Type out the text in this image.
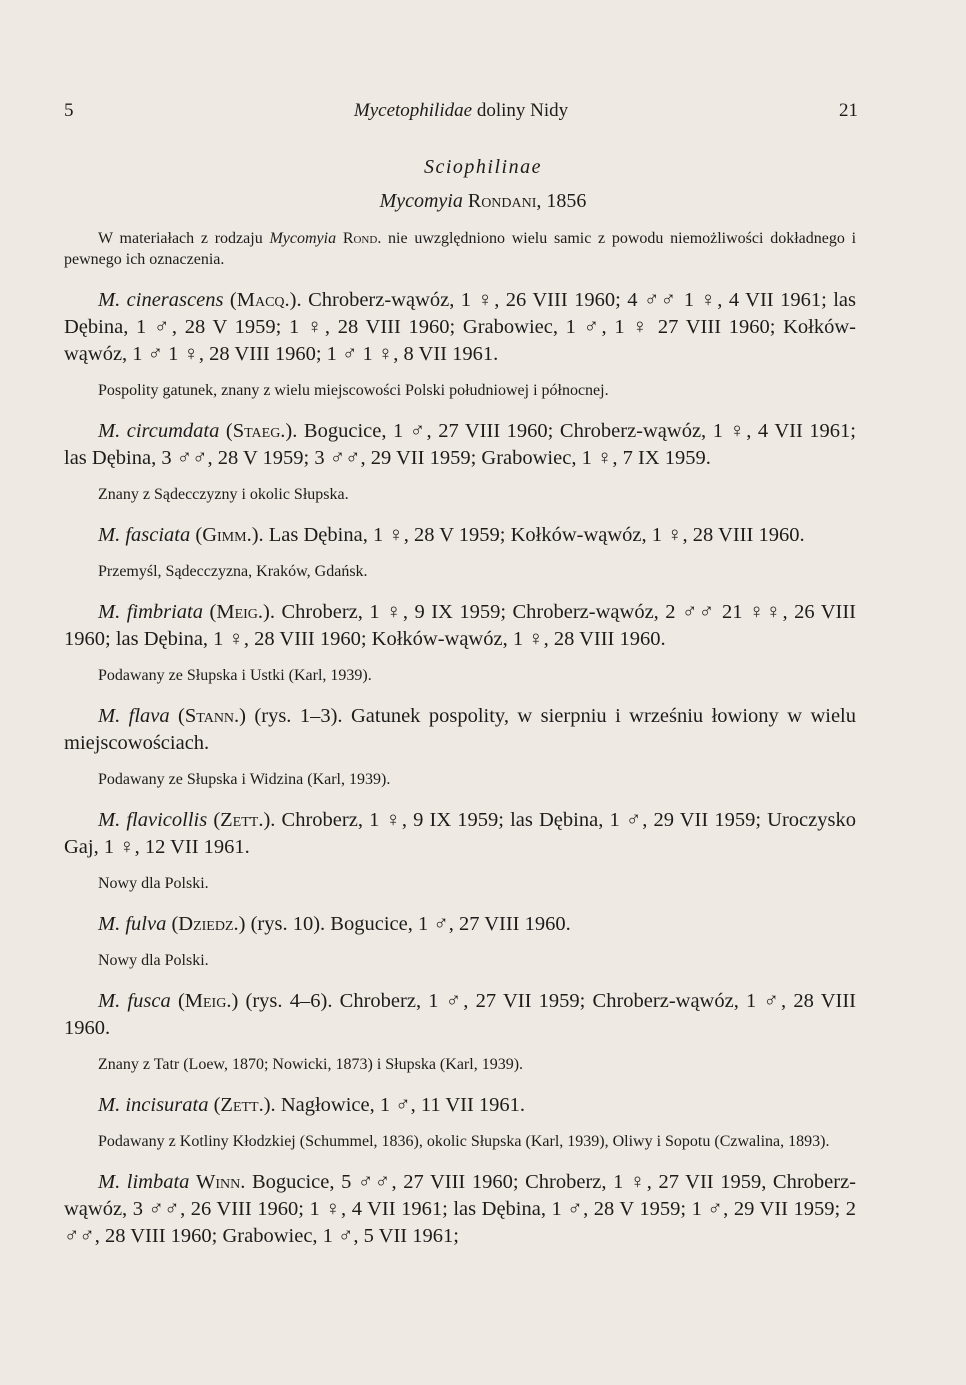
5	Mycetophilidae doliny Nidy	21
Sciophilinae
Mycomyia Rondani, 1856

W materiałach z rodzaju Mycomyia Rond. nie uwzględniono wielu samic z powodu niemożliwości dokładnego i pewnego ich oznaczenia.

M. cinerascens (Macq.). Chroberz-wąwóz, 1 ♀, 26 VIII 1960; 4 ♂♂ 1 ♀, 4 VII 1961; las Dębina, 1 ♂, 28 V 1959; 1 ♀, 28 VIII 1960; Grabowiec, 1 ♂, 1 ♀ 27 VIII 1960; Kołków-wąwóz, 1 ♂ 1 ♀, 28 VIII 1960; 1 ♂ 1 ♀, 8 VII 1961.

Pospolity gatunek, znany z wielu miejscowości Polski południowej i północnej.

M. circumdata (Staeg.). Bogucice, 1 ♂, 27 VIII 1960; Chroberz-wąwóz, 1 ♀, 4 VII 1961; las Dębina, 3 ♂♂, 28 V 1959; 3 ♂♂, 29 VII 1959; Grabowiec, 1 ♀, 7 IX 1959.

Znany z Sądecczyzny i okolic Słupska.

M. fasciata (Gimm.). Las Dębina, 1 ♀, 28 V 1959; Kołków-wąwóz, 1 ♀, 28 VIII 1960.

Przemyśl, Sądecczyzna, Kraków, Gdańsk.

M. fimbriata (Meig.). Chroberz, 1 ♀, 9 IX 1959; Chroberz-wąwóz, 2 ♂♂ 21 ♀♀, 26 VIII 1960; las Dębina, 1 ♀, 28 VIII 1960; Kołków-wąwóz, 1 ♀, 28 VIII 1960.

Podawany ze Słupska i Ustki (Karl, 1939).

M. flava (Stann.) (rys. 1–3). Gatunek pospolity, w sierpniu i wrześniu łowiony w wielu miejscowościach.

Podawany ze Słupska i Widzina (Karl, 1939).

M. flavicollis (Zett.). Chroberz, 1 ♀, 9 IX 1959; las Dębina, 1 ♂, 29 VII 1959; Uroczysko Gaj, 1 ♀, 12 VII 1961.

Nowy dla Polski.

M. fulva (Dziedz.) (rys. 10). Bogucice, 1 ♂, 27 VIII 1960.

Nowy dla Polski.

M. fusca (Meig.) (rys. 4–6). Chroberz, 1 ♂, 27 VII 1959; Chroberz-wąwóz, 1 ♂, 28 VIII 1960.

Znany z Tatr (Loew, 1870; Nowicki, 1873) i Słupska (Karl, 1939).

M. incisurata (Zett.). Nagłowice, 1 ♂, 11 VII 1961.

Podawany z Kotliny Kłodzkiej (Schummel, 1836), okolic Słupska (Karl, 1939), Oliwy i Sopotu (Czwalina, 1893).

M. limbata Winn. Bogucice, 5 ♂♂, 27 VIII 1960; Chroberz, 1 ♀, 27 VII 1959, Chroberz-wąwóz, 3 ♂♂, 26 VIII 1960; 1 ♀, 4 VII 1961; las Dębina, 1 ♂, 28 V 1959; 1 ♂, 29 VII 1959; 2 ♂♂, 28 VIII 1960; Grabowiec, 1 ♂, 5 VII 1961;
